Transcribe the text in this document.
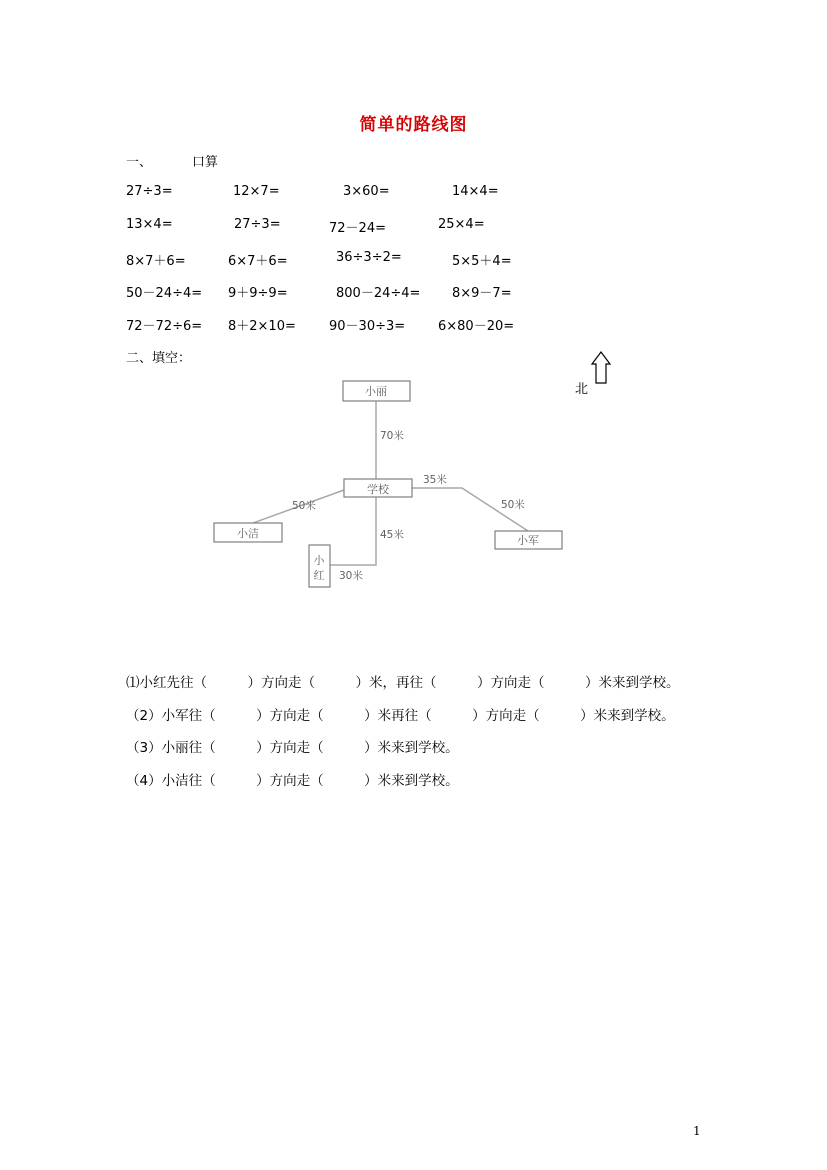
简单的路线图
一、	口算
27÷3=	12×7=	3×60=	14×4=
13×4=	27÷3=	72－24=	25×4=
8×7＋6=	6×7＋6=	36÷3÷2=	5×5＋4=
50－24÷4= 9＋9÷9=	800－24÷4= 8×9－7=
72－72÷6= 8＋2×10=	90－30÷3=	6×80－20=
二、填空：
北
小丽
学校
小洁
小军
小
红
70米
35米
50米
50米
45米
30米
⑴小红先往（　　　）方向走（　　　）米，再往（　　　）方向走（　　　）米来到学校。
（2）小军往（　　　）方向走（　　　）米再往（　　　）方向走（　　　）米来到学校。
（3）小丽往（　　　）方向走（　　　）米来到学校。
（4）小洁往（　　　）方向走（　　　）米来到学校。
1
